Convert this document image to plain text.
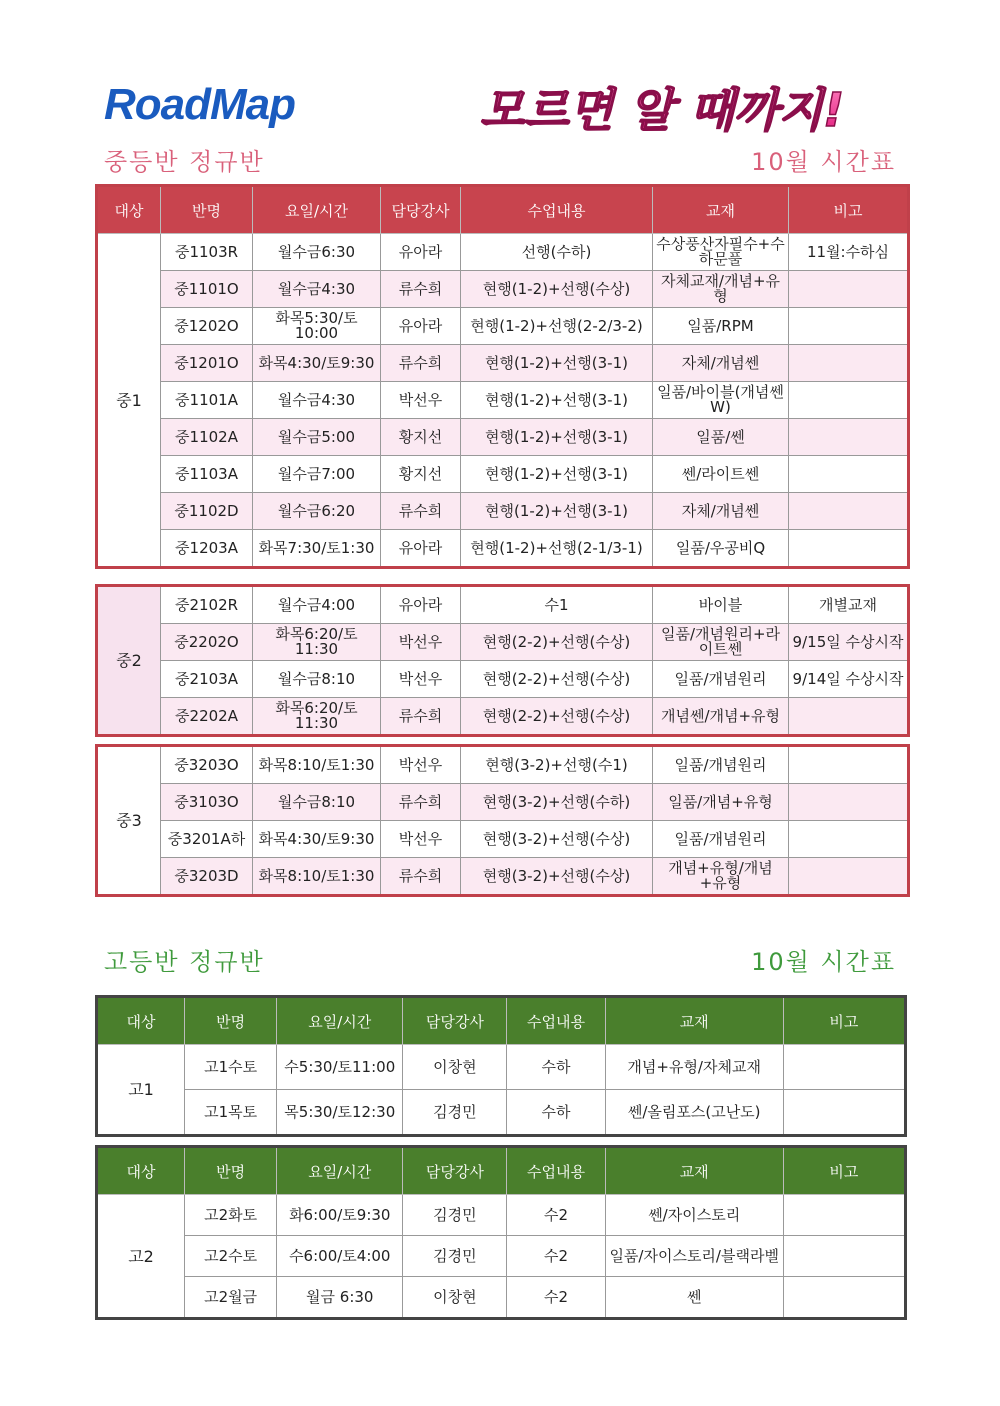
RoadMap	모르면 알 때까지!
중등반 정규반	10월 시간표
대상	반명	요일/시간	담당강사	수업내용	교재	비고
중1	중1103R	월수금6:30	유아라	선행(수하)	수상풍산자필수+수하문풀	11월:수하심
	중1101O	월수금4:30	류수희	현행(1-2)+선행(수상)	자체교재/개념+유형	
	중1202O	화목5:30/토10:00	유아라	현행(1-2)+선행(2-2/3-2)	일품/RPM	
	중1201O	화목4:30/토9:30	류수희	현행(1-2)+선행(3-1)	자체/개념쎈	
	중1101A	월수금4:30	박선우	현행(1-2)+선행(3-1)	일품/바이블(개념쎈W)	
	중1102A	월수금5:00	황지선	현행(1-2)+선행(3-1)	일품/쎈	
	중1103A	월수금7:00	황지선	현행(1-2)+선행(3-1)	쎈/라이트쎈	
	중1102D	월수금6:20	류수희	현행(1-2)+선행(3-1)	자체/개념쎈	
	중1203A	화목7:30/토1:30	유아라	현행(1-2)+선행(2-1/3-1)	일품/우공비Q	
중2	중2102R	월수금4:00	유아라	수1	바이블	개별교재
	중2202O	화목6:20/토11:30	박선우	현행(2-2)+선행(수상)	일품/개념원리+라이트쎈	9/15일 수상시작
	중2103A	월수금8:10	박선우	현행(2-2)+선행(수상)	일품/개념원리	9/14일 수상시작
	중2202A	화목6:20/토11:30	류수희	현행(2-2)+선행(수상)	개념쎈/개념+유형	
중3	중3203O	화목8:10/토1:30	박선우	현행(3-2)+선행(수1)	일품/개념원리	
	중3103O	월수금8:10	류수희	현행(3-2)+선행(수하)	일품/개념+유형	
	중3201A하	화목4:30/토9:30	박선우	현행(3-2)+선행(수상)	일품/개념원리	
	중3203D	화목8:10/토1:30	류수희	현행(3-2)+선행(수상)	개념+유형/개념+유형	
고등반 정규반	10월 시간표
대상	반명	요일/시간	담당강사	수업내용	교재	비고
고1	고1수토	수5:30/토11:00	이창현	수하	개념+유형/자체교재	
	고1목토	목5:30/토12:30	김경민	수하	쎈/올림포스(고난도)	
대상	반명	요일/시간	담당강사	수업내용	교재	비고
고2	고2화토	화6:00/토9:30	김경민	수2	쎈/자이스토리	
	고2수토	수6:00/토4:00	김경민	수2	일품/자이스토리/블랙라벨	
	고2월금	월금 6:30	이창현	수2	쎈	
